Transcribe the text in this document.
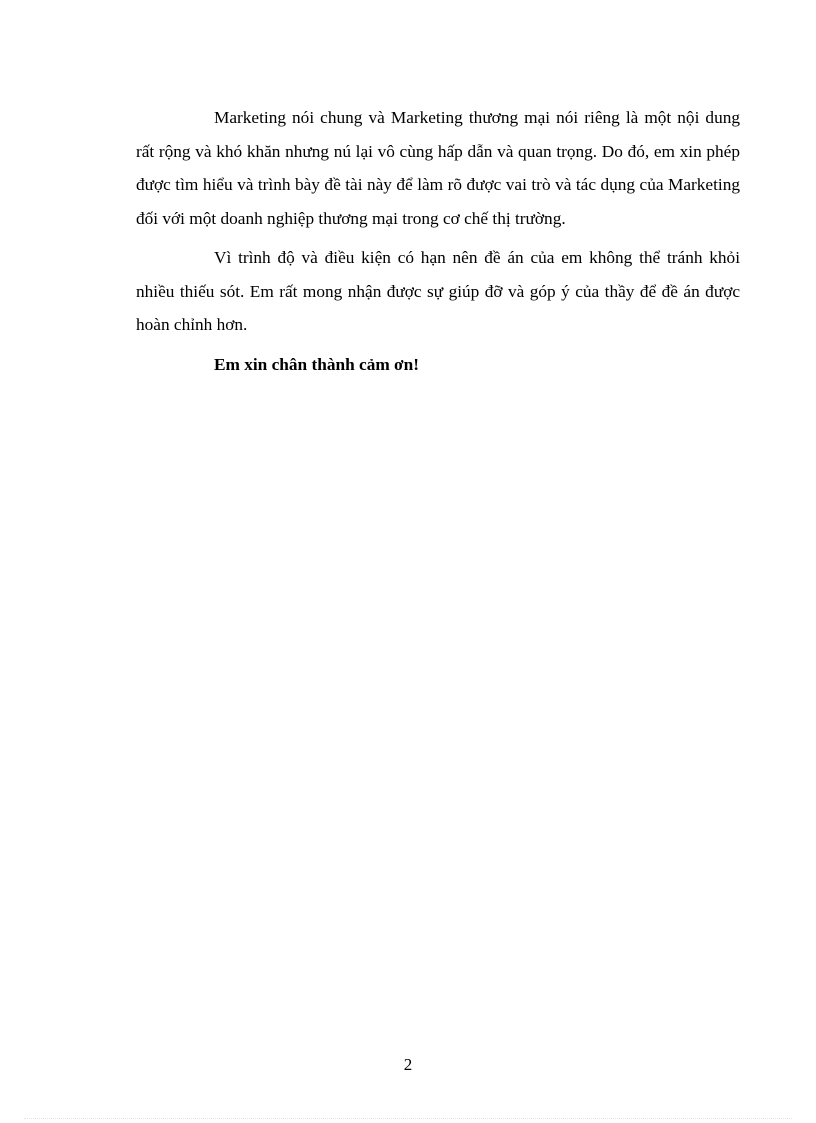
Marketing nói chung và Marketing thương mại nói riêng là một nội dung rất rộng và khó khăn nhưng nú lại vô cùng hấp dẫn và quan trọng. Do đó, em xin phép được tìm hiểu và trình bày đề tài này để làm rõ được vai trò và tác dụng của Marketing đối với một doanh nghiệp thương mại trong cơ chế thị trường.

Vì trình độ và điều kiện có hạn nên đề án của em không thể tránh khỏi nhiều thiếu sót. Em rất mong nhận được sự giúp đỡ và góp ý của thầy để đề án được hoàn chỉnh hơn.

Em xin chân thành cảm ơn!

2
